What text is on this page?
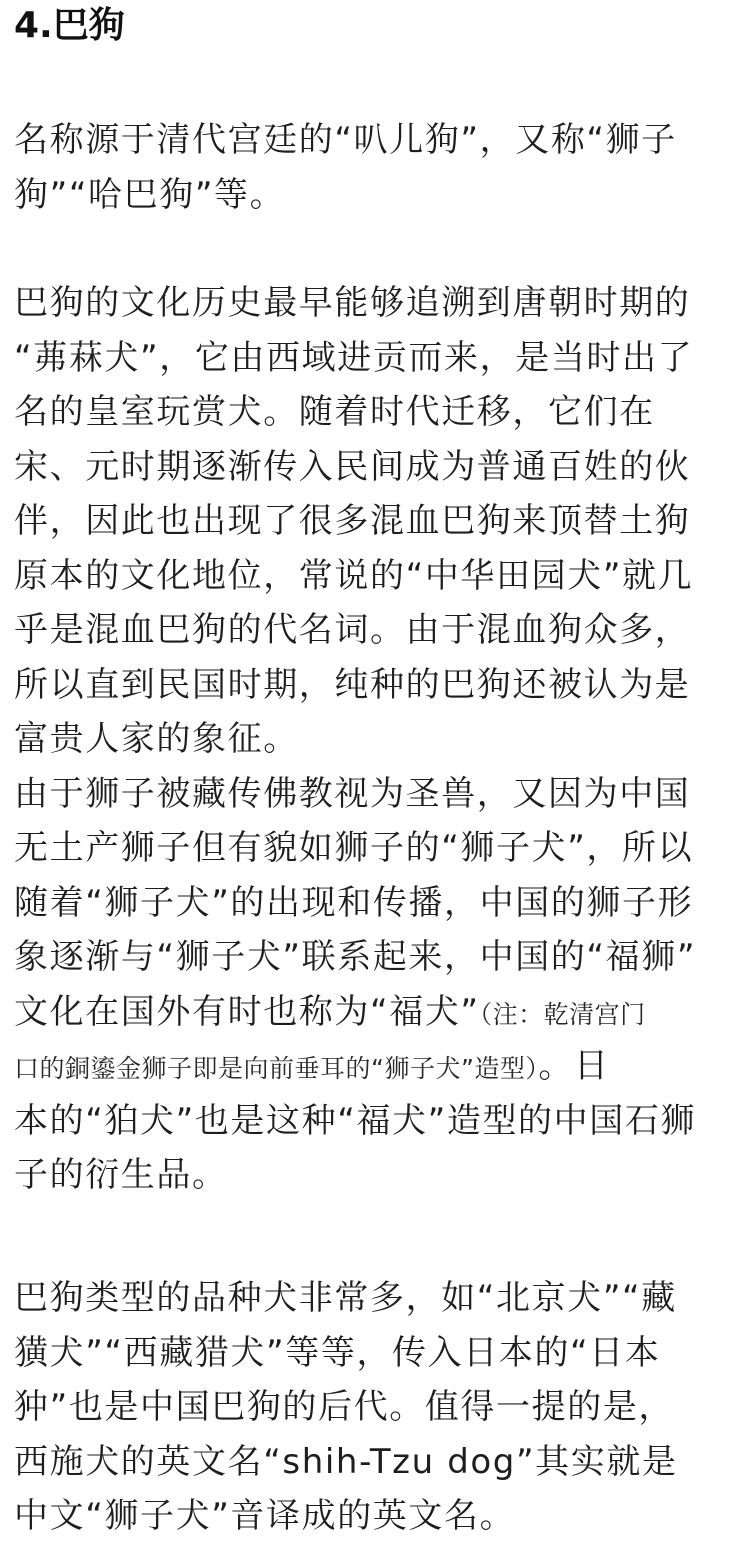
4.巴狗
名称源于清代宫廷的“叭儿狗”，又称“狮子
狗”“哈巴狗”等。
巴狗的文化历史最早能够追溯到唐朝时期的
“茀菻犬”，它由西域进贡而来，是当时出了
名的皇室玩赏犬。随着时代迁移，它们在
宋、元时期逐渐传入民间成为普通百姓的伙
伴，因此也出现了很多混血巴狗来顶替土狗
原本的文化地位，常说的“中华田园犬”就几
乎是混血巴狗的代名词。由于混血狗众多，
所以直到民国时期，纯种的巴狗还被认为是
富贵人家的象征。
由于狮子被藏传佛教视为圣兽，又因为中国
无土产狮子但有貌如狮子的“狮子犬”，所以
随着“狮子犬”的出现和传播，中国的狮子形
象逐渐与“狮子犬”联系起来，中国的“福狮”
文化在国外有时也称为“福犬”（注：乾清宫门
口的銅鎏金狮子即是向前垂耳的“狮子犬”造型）。日
本的“狛犬”也是这种“福犬”造型的中国石狮
子的衍生品。
巴狗类型的品种犬非常多，如“北京犬”“藏
獚犬”“西藏猎犬”等等，传入日本的“日本
狆”也是中国巴狗的后代。值得一提的是，
西施犬的英文名“shih-Tzu dog”其实就是
中文“狮子犬”音译成的英文名。
